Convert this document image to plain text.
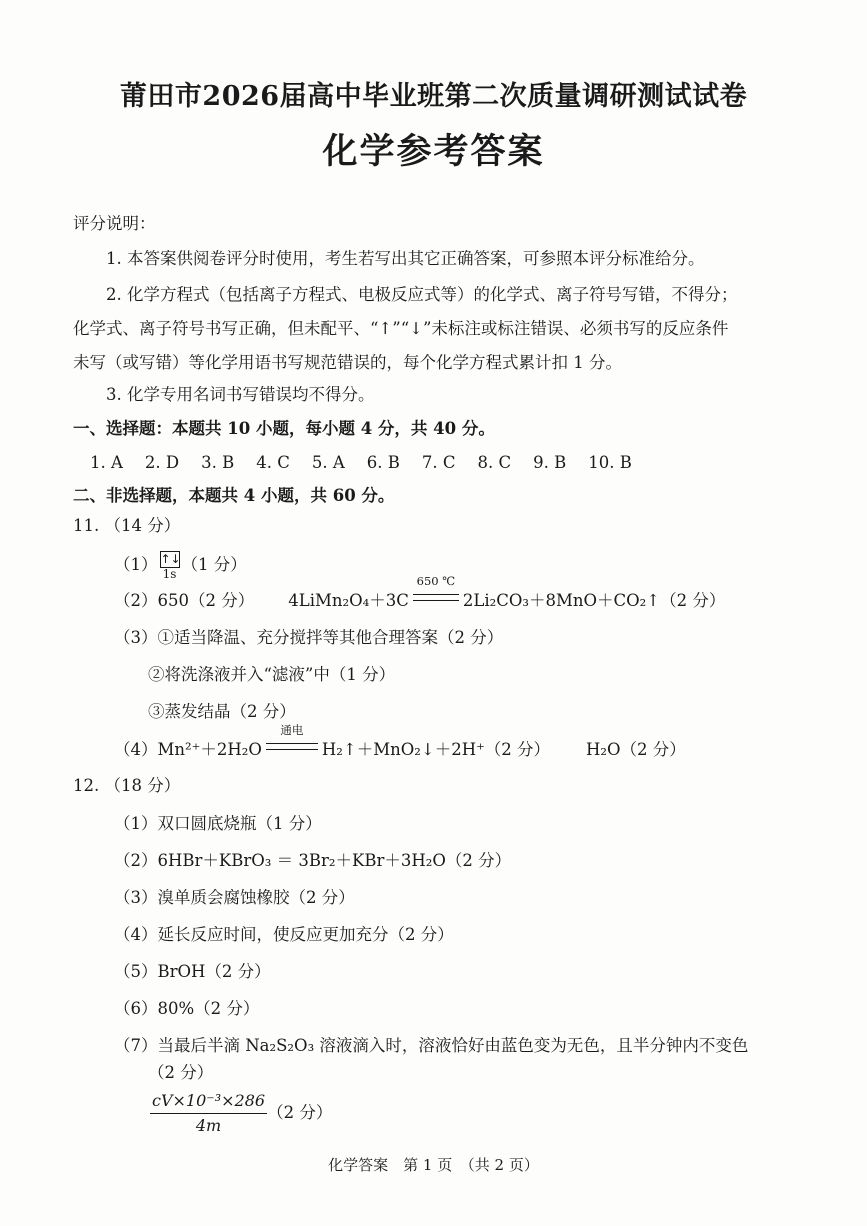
莆田市2026届高中毕业班第二次质量调研测试试卷
化学参考答案
评分说明：
1. 本答案供阅卷评分时使用，考生若写出其它正确答案，可参照本评分标准给分。
2. 化学方程式（包括离子方程式、电极反应式等）的化学式、离子符号写错，不得分；
化学式、离子符号书写正确，但未配平、“↑”“↓”未标注或标注错误、必须书写的反应条件
未写（或写错）等化学用语书写规范错误的，每个化学方程式累计扣 1 分。
3. 化学专用名词书写错误均不得分。
一、选择题：本题共 10 小题，每小题 4 分，共 40 分。
1. A 2. D 3. B 4. C 5. A 6. B 7. C 8. C 9. B 10. B
二、非选择题，本题共 4 小题，共 60 分。
11. （14 分）
（1） ↑↓
1s （1 分）
（2）650（2 分） 4LiMn₂O₄＋3C
650 ℃
2Li₂CO₃＋8MnO＋CO₂↑（2 分）
（3）①适当降温、充分搅拌等其他合理答案（2 分）
②将洗涤液并入“滤液”中（1 分）
③蒸发结晶（2 分）
（4）Mn²⁺＋2H₂O
通电
H₂↑＋MnO₂↓＋2H⁺（2 分） H₂O（2 分）
12. （18 分）
（1）双口圆底烧瓶（1 分）
（2）6HBr＋KBrO₃ ＝ 3Br₂＋KBr＋3H₂O（2 分）
（3）溴单质会腐蚀橡胶（2 分）
（4）延长反应时间，使反应更加充分（2 分）
（5）BrOH（2 分）
（6）80%（2 分）
（7）当最后半滴 Na₂S₂O₃ 溶液滴入时，溶液恰好由蓝色变为无色，且半分钟内不变色
（2 分）
$\frac{\text{cV×10⁻³×286}}{4m} (2$ 分）
化学答案　第 1 页　（共 2 页）
